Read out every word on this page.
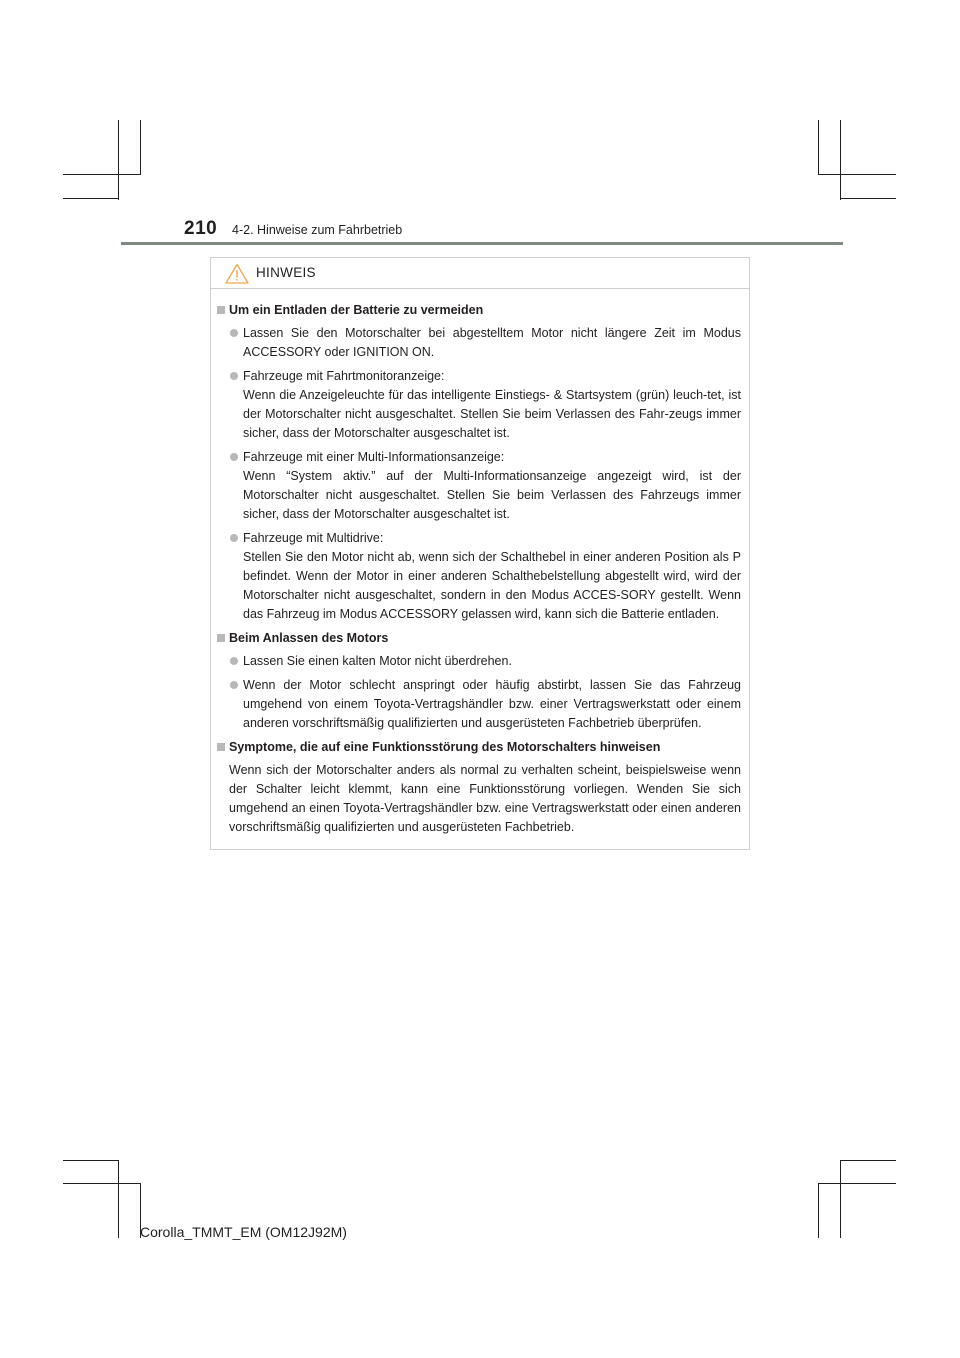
210 4-2. Hinweise zum Fahrbetrieb
HINWEIS
Um ein Entladen der Batterie zu vermeiden
Lassen Sie den Motorschalter bei abgestelltem Motor nicht längere Zeit im Modus ACCESSORY oder IGNITION ON.
Fahrzeuge mit Fahrtmonitoranzeige:
Wenn die Anzeigeleuchte für das intelligente Einstiegs- & Startsystem (grün) leuch-tet, ist der Motorschalter nicht ausgeschaltet. Stellen Sie beim Verlassen des Fahr-zeugs immer sicher, dass der Motorschalter ausgeschaltet ist.
Fahrzeuge mit einer Multi-Informationsanzeige:
Wenn “System aktiv.” auf der Multi-Informationsanzeige angezeigt wird, ist der Motorschalter nicht ausgeschaltet. Stellen Sie beim Verlassen des Fahrzeugs immer sicher, dass der Motorschalter ausgeschaltet ist.
Fahrzeuge mit Multidrive:
Stellen Sie den Motor nicht ab, wenn sich der Schalthebel in einer anderen Position als P befindet. Wenn der Motor in einer anderen Schalthebelstellung abgestellt wird, wird der Motorschalter nicht ausgeschaltet, sondern in den Modus ACCES-SORY gestellt. Wenn das Fahrzeug im Modus ACCESSORY gelassen wird, kann sich die Batterie entladen.
Beim Anlassen des Motors
Lassen Sie einen kalten Motor nicht überdrehen.
Wenn der Motor schlecht anspringt oder häufig abstirbt, lassen Sie das Fahrzeug umgehend von einem Toyota-Vertragshändler bzw. einer Vertragswerkstatt oder einem anderen vorschriftsmäßig qualifizierten und ausgerüsteten Fachbetrieb überprüfen.
Symptome, die auf eine Funktionsstörung des Motorschalters hinweisen
Wenn sich der Motorschalter anders als normal zu verhalten scheint, beispielsweise wenn der Schalter leicht klemmt, kann eine Funktionsstörung vorliegen. Wenden Sie sich umgehend an einen Toyota-Vertragshändler bzw. eine Vertragswerkstatt oder einen anderen vorschriftsmäßig qualifizierten und ausgerüsteten Fachbetrieb.
Corolla_TMMT_EM (OM12J92M)
